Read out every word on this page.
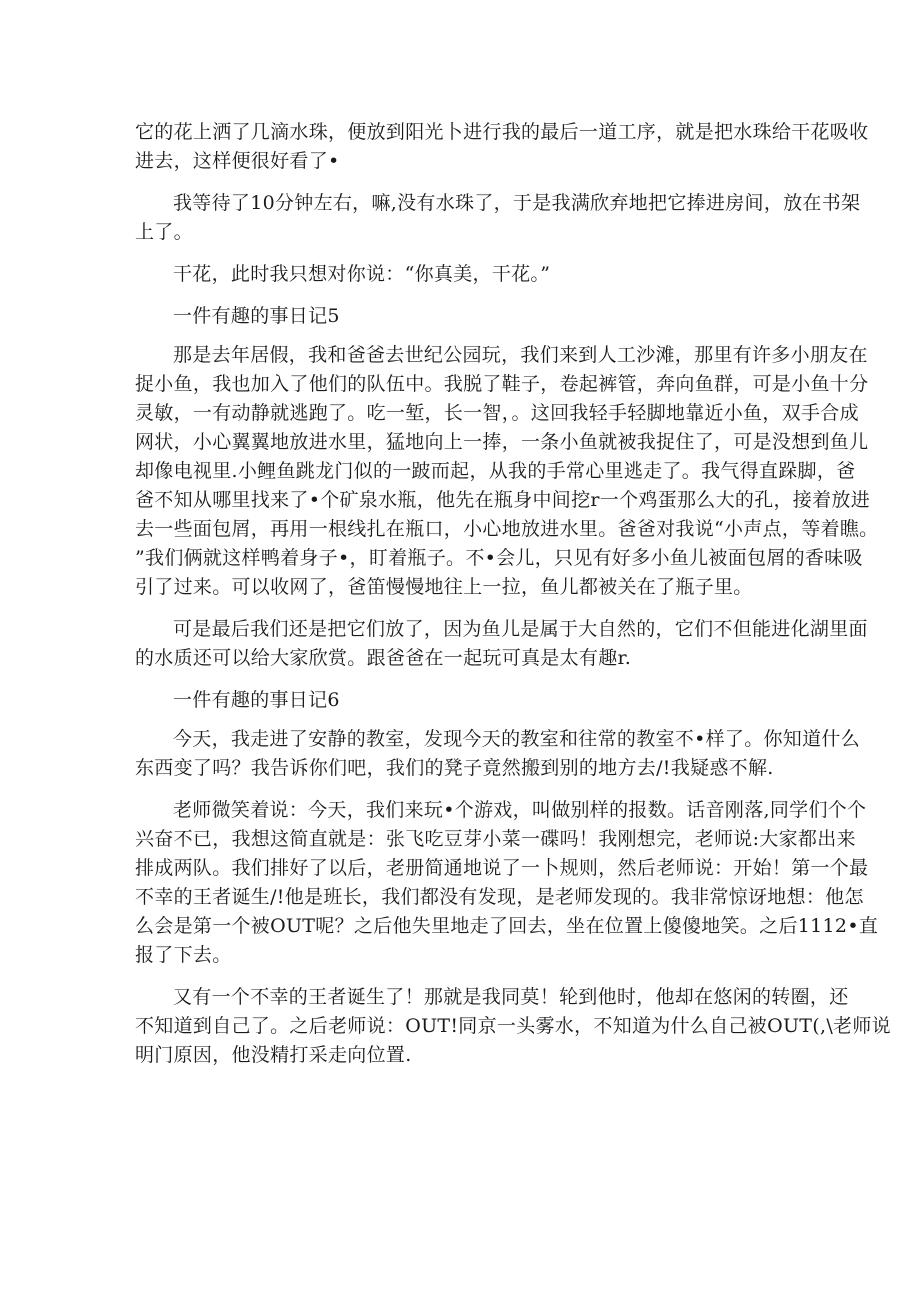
它的花上洒了几滴水珠，便放到阳光卜进行我的最后一道工序，就是把水珠给干花吸收

进去，这样便很好看了•

我等待了10分钟左右，嘛,没有水珠了，于是我满欣弃地把它捧进房间，放在书架

上了。

干花，此时我只想对你说：“你真美，干花。”

一件有趣的事日记5

那是去年居假，我和爸爸去世纪公园玩，我们来到人工沙滩，那里有许多小朋友在

捉小鱼，我也加入了他们的队伍中。我脱了鞋子，卷起裤管，奔向鱼群，可是小鱼十分

灵敏，一有动静就逃跑了。吃一堑，长一智，。这回我轻手轻脚地靠近小鱼，双手合成

网状，小心翼翼地放进水里，猛地向上一捧，一条小鱼就被我捉住了，可是没想到鱼儿

却像电视里.小鲤鱼跳龙门似的一跛而起，从我的手常心里逃走了。我气得直跺脚，爸

爸不知从哪里找来了•个矿泉水瓶，他先在瓶身中间挖r一个鸡蛋那么大的孔，接着放进

去一些面包屑，再用一根线扎在瓶口，小心地放进水里。爸爸对我说“小声点，等着瞧。

”我们俩就这样鸭着身子•，盯着瓶子。不•会儿，只见有好多小鱼儿被面包屑的香味吸

引了过来。可以收网了，爸笛慢慢地往上一拉，鱼儿都被关在了瓶子里。

可是最后我们还是把它们放了，因为鱼儿是属于大自然的，它们不但能进化湖里面

的水质还可以给大家欣赏。跟爸爸在一起玩可真是太有趣r.

一件有趣的事日记6

今天，我走进了安静的教室，发现今天的教室和往常的教室不•样了。你知道什么

东西变了吗？我告诉你们吧，我们的凳子竟然搬到别的地方去/!我疑惑不解.

老师微笑着说：今天，我们来玩•个游戏，叫做别样的报数。话音刚落,同学们个个

兴奋不已，我想这简直就是：张飞吃豆芽小菜一碟吗！我刚想完，老师说:大家都出来

排成两队。我们排好了以后，老册简通地说了一卜规则，然后老师说：开始！第一个最

不幸的王者诞生/!他是班长，我们都没有发现，是老师发现的。我非常惊讶地想：他怎

么会是第一个被OUT呢？之后他失里地走了回去，坐在位置上傻傻地笑。之后1112•直

报了下去。

又有一个不幸的王者诞生了！那就是我同莫！轮到他时，他却在悠闲的转圈，还

不知道到自己了。之后老师说：OUT!同京一头雾水，不知道为什么自己被OUT(,\老师说

明门原因，他没精打采走向位置.
